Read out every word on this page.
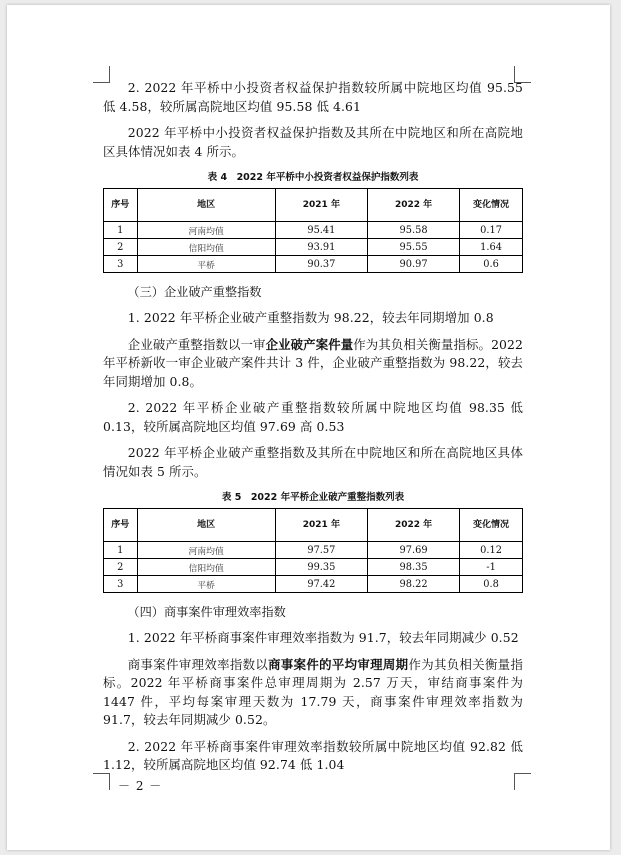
2. 2022 年平桥中小投资者权益保护指数较所属中院地区均值 95.55 低 4.58，较所属高院地区均值 95.58 低 4.61

2022 年平桥中小投资者权益保护指数及其所在中院地区和所在高院地区具体情况如表 4 所示。

表 4　2022 年平桥中小投资者权益保护指数列表
序号	地区	2021 年	2022 年	变化情况
1	河南均值	95.41	95.58	0.17
2	信阳均值	93.91	95.55	1.64
3	平桥	90.37	90.97	0.6
（三）企业破产重整指数

1. 2022 年平桥企业破产重整指数为 98.22，较去年同期增加 0.8

企业破产重整指数以一审企业破产案件量作为其负相关衡量指标。2022 年平桥新收一审企业破产案件共计 3 件，企业破产重整指数为 98.22，较去年同期增加 0.8。

2. 2022 年平桥企业破产重整指数较所属中院地区均值 98.35 低 0.13，较所属高院地区均值 97.69 高 0.53

2022 年平桥企业破产重整指数及其所在中院地区和所在高院地区具体情况如表 5 所示。

表 5　2022 年平桥企业破产重整指数列表
序号	地区	2021 年	2022 年	变化情况
1	河南均值	97.57	97.69	0.12
2	信阳均值	99.35	98.35	-1
3	平桥	97.42	98.22	0.8
（四）商事案件审理效率指数

1. 2022 年平桥商事案件审理效率指数为 91.7，较去年同期减少 0.52

商事案件审理效率指数以商事案件的平均审理周期作为其负相关衡量指标。2022 年平桥商事案件总审理周期为 2.57 万天，审结商事案件为 1447 件，平均每案审理天数为 17.79 天，商事案件审理效率指数为 91.7，较去年同期减少 0.52。

2. 2022 年平桥商事案件审理效率指数较所属中院地区均值 92.82 低 1.12，较所属高院地区均值 92.74 低 1.04

－ 2 －
